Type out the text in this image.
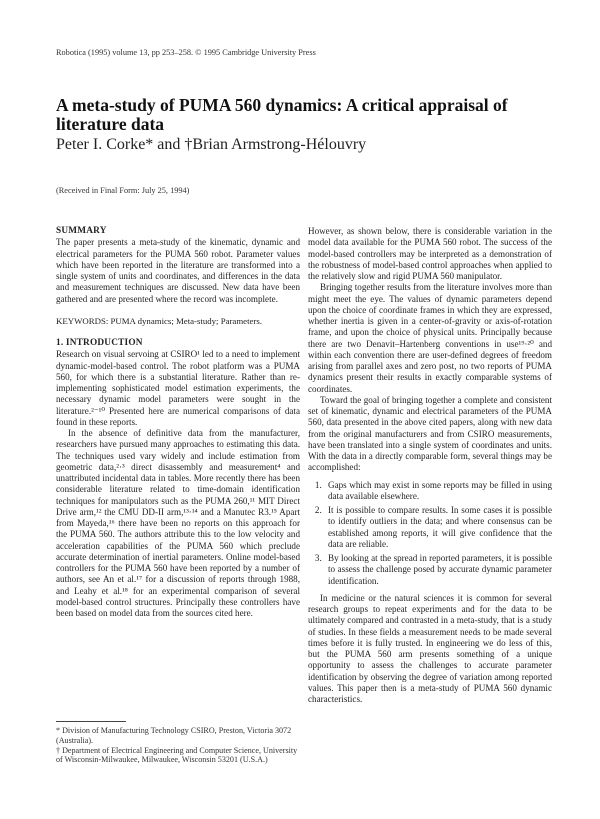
Robotica (1995) volume 13, pp 253–258. © 1995 Cambridge University Press
A meta-study of PUMA 560 dynamics: A critical appraisal of literature data
Peter I. Corke* and †Brian Armstrong-Hélouvry
(Received in Final Form: July 25, 1994)

SUMMARY

The paper presents a meta-study of the kinematic, dynamic and electrical parameters for the PUMA 560 robot. Parameter values which have been reported in the literature are transformed into a single system of units and coordinates, and differences in the data and measurement techniques are discussed. New data have been gathered and are presented where the record was incomplete.

KEYWORDS: PUMA dynamics; Meta-study; Parameters.

1. INTRODUCTION

Research on visual servoing at CSIRO¹ led to a need to implement dynamic-model-based control. The robot platform was a PUMA 560, for which there is a substantial literature. Rather than re-implementing sophisticated model estimation experiments, the necessary dynamic model parameters were sought in the literature.²⁻¹⁰ Presented here are numerical comparisons of data found in these reports.

In the absence of definitive data from the manufacturer, researchers have pursued many approaches to estimating this data. The techniques used vary widely and include estimation from geometric data,²·³ direct disassembly and measurement⁴ and unattributed incidental data in tables. More recently there has been considerable literature related to time-domain identification techniques for manipulators such as the PUMA 260,¹¹ MIT Direct Drive arm,¹² the CMU DD-II arm,¹³·¹⁴ and a Manutec R3.¹⁵ Apart from Mayeda,¹⁶ there have been no reports on this approach for the PUMA 560. The authors attribute this to the low velocity and acceleration capabilities of the PUMA 560 which preclude accurate determination of inertial parameters. Online model-based controllers for the PUMA 560 have been reported by a number of authors, see An et al.¹⁷ for a discussion of reports through 1988, and Leahy et al.¹⁸ for an experimental comparison of several model-based control structures. Principally these controllers have been based on model data from the sources cited here.

* Division of Manufacturing Technology CSIRO, Preston, Victoria 3072 (Australia).

† Department of Electrical Engineering and Computer Science, University of Wisconsin-Milwaukee, Milwaukee, Wisconsin 53201 (U.S.A.)

However, as shown below, there is considerable variation in the model data available for the PUMA 560 robot. The success of the model-based controllers may be interpreted as a demonstration of the robustness of model-based control approaches when applied to the relatively slow and rigid PUMA 560 manipulator.

Bringing together results from the literature involves more than might meet the eye. The values of dynamic parameters depend upon the choice of coordinate frames in which they are expressed, whether inertia is given in a center-of-gravity or axis-of-rotation frame, and upon the choice of physical units. Principally because there are two Denavit–Hartenberg conventions in use¹⁹·²⁰ and within each convention there are user-defined degrees of freedom arising from parallel axes and zero post, no two reports of PUMA dynamics present their results in exactly comparable systems of coordinates.

Toward the goal of bringing together a complete and consistent set of kinematic, dynamic and electrical parameters of the PUMA 560, data presented in the above cited papers, along with new data from the original manufacturers and from CSIRO measurements, have been translated into a single system of coordinates and units. With the data in a directly comparable form, several things may be accomplished:

1. Gaps which may exist in some reports may be filled in using data available elsewhere.
2. It is possible to compare results. In some cases it is possible to identify outliers in the data; and where consensus can be established among reports, it will give confidence that the data are reliable.
3. By looking at the spread in reported parameters, it is possible to assess the challenge posed by accurate dynamic parameter identification.

In medicine or the natural sciences it is common for several research groups to repeat experiments and for the data to be ultimately compared and contrasted in a meta-study, that is a study of studies. In these fields a measurement needs to be made several times before it is fully trusted. In engineering we do less of this, but the PUMA 560 arm presents something of a unique opportunity to assess the challenges to accurate parameter identification by observing the degree of variation among reported values. This paper then is a meta-study of PUMA 560 dynamic characteristics.
